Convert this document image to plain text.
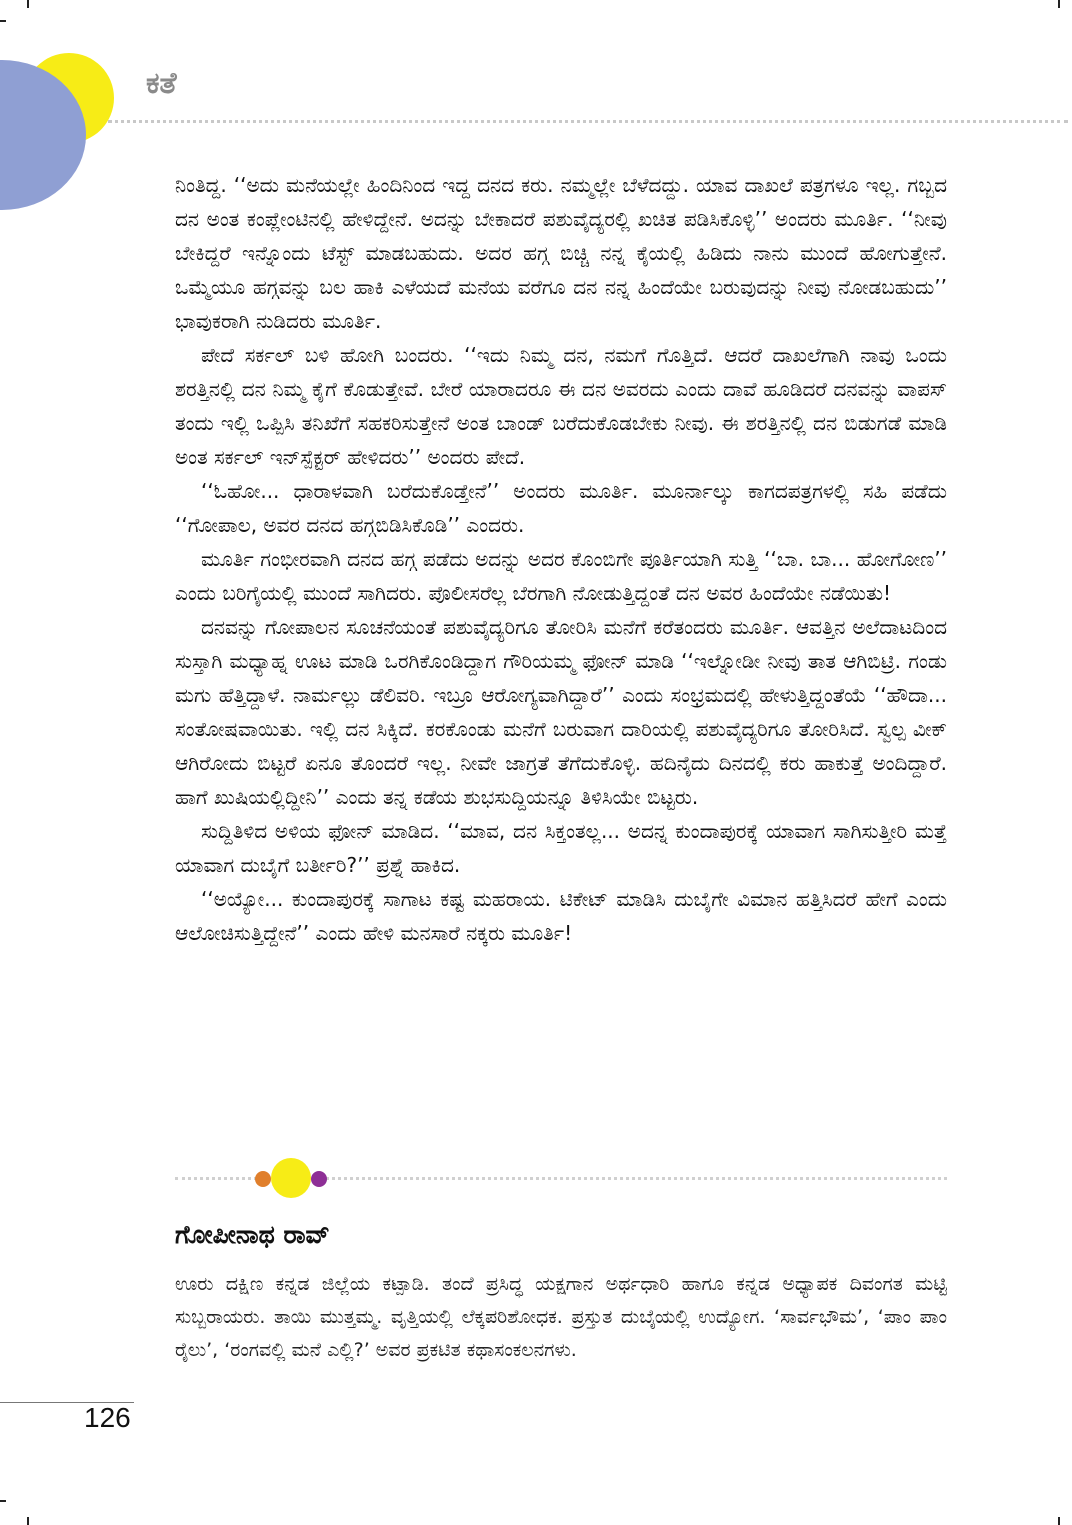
ಕತೆ

ನಿಂತಿದ್ದ. ‘‘ಅದು ಮನೆಯಲ್ಲೇ ಹಿಂದಿನಿಂದ ಇದ್ದ ದನದ ಕರು. ನಮ್ಮಲ್ಲೇ ಬೆಳೆದದ್ದು. ಯಾವ ದಾಖಲೆ ಪತ್ರಗಳೂ ಇಲ್ಲ. ಗಬ್ಬದ ದನ ಅಂತ ಕಂಪ್ಲೇಂಟಿನಲ್ಲಿ ಹೇಳಿದ್ದೇನೆ. ಅದನ್ನು ಬೇಕಾದರೆ ಪಶುವೈದ್ಯರಲ್ಲಿ ಖಚಿತ ಪಡಿಸಿಕೊಳ್ಳಿ’’ ಅಂದರು ಮೂರ್ತಿ. ‘‘ನೀವು ಬೇಕಿದ್ದರೆ ಇನ್ನೊಂದು ಟೆಸ್ಟ್ ಮಾಡಬಹುದು. ಅದರ ಹಗ್ಗ ಬಿಚ್ಚಿ ನನ್ನ ಕೈಯಲ್ಲಿ ಹಿಡಿದು ನಾನು ಮುಂದೆ ಹೋಗುತ್ತೇನೆ. ಒಮ್ಮೆಯೂ ಹಗ್ಗವನ್ನು ಬಲ ಹಾಕಿ ಎಳೆಯದೆ ಮನೆಯ ವರೆಗೂ ದನ ನನ್ನ ಹಿಂದೆಯೇ ಬರುವುದನ್ನು ನೀವು ನೋಡಬಹುದು’’ ಭಾವುಕರಾಗಿ ನುಡಿದರು ಮೂರ್ತಿ.

ಪೇದೆ ಸರ್ಕಲ್ ಬಳಿ ಹೋಗಿ ಬಂದರು. ‘‘ಇದು ನಿಮ್ಮ ದನ, ನಮಗೆ ಗೊತ್ತಿದೆ. ಆದರೆ ದಾಖಲೆಗಾಗಿ ನಾವು ಒಂದು ಶರತ್ತಿನಲ್ಲಿ ದನ ನಿಮ್ಮ ಕೈಗೆ ಕೊಡುತ್ತೇವೆ. ಬೇರೆ ಯಾರಾದರೂ ಈ ದನ ಅವರದು ಎಂದು ದಾವೆ ಹೂಡಿದರೆ ದನವನ್ನು ವಾಪಸ್ ತಂದು ಇಲ್ಲಿ ಒಪ್ಪಿಸಿ ತನಿಖೆಗೆ ಸಹಕರಿಸುತ್ತೇನೆ ಅಂತ ಬಾಂಡ್ ಬರೆದುಕೊಡಬೇಕು ನೀವು. ಈ ಶರತ್ತಿನಲ್ಲಿ ದನ ಬಿಡುಗಡೆ ಮಾಡಿ ಅಂತ ಸರ್ಕಲ್ ಇನ್‌ಸ್ಪೆಕ್ಟರ್ ಹೇಳಿದರು’’ ಅಂದರು ಪೇದೆ.

‘‘ಓಹೋ... ಧಾರಾಳವಾಗಿ ಬರೆದುಕೊಡ್ತೇನೆ’’ ಅಂದರು ಮೂರ್ತಿ. ಮೂರ್ನಾಲ್ಕು ಕಾಗದಪತ್ರಗಳಲ್ಲಿ ಸಹಿ ಪಡೆದು ‘‘ಗೋಪಾಲ, ಅವರ ದನದ ಹಗ್ಗಬಿಡಿಸಿಕೊಡಿ’’ ಎಂದರು.

ಮೂರ್ತಿ ಗಂಭೀರವಾಗಿ ದನದ ಹಗ್ಗ ಪಡೆದು ಅದನ್ನು ಅದರ ಕೊಂಬಿಗೇ ಪೂರ್ತಿಯಾಗಿ ಸುತ್ತಿ ‘‘ಬಾ. ಬಾ... ಹೋಗೋಣ’’ ಎಂದು ಬರಿಗೈಯಲ್ಲಿ ಮುಂದೆ ಸಾಗಿದರು. ಪೊಲೀಸರೆಲ್ಲ ಬೆರಗಾಗಿ ನೋಡುತ್ತಿದ್ದಂತೆ ದನ ಅವರ ಹಿಂದೆಯೇ ನಡೆಯಿತು!

ದನವನ್ನು ಗೋಪಾಲನ ಸೂಚನೆಯಂತೆ ಪಶುವೈದ್ಯರಿಗೂ ತೋರಿಸಿ ಮನೆಗೆ ಕರೆತಂದರು ಮೂರ್ತಿ. ಆವತ್ತಿನ ಅಲೆದಾಟದಿಂದ ಸುಸ್ತಾಗಿ ಮಧ್ಯಾಹ್ನ ಊಟ ಮಾಡಿ ಒರಗಿಕೊಂಡಿದ್ದಾಗ ಗೌರಿಯಮ್ಮ ಫೋನ್ ಮಾಡಿ ‘‘ಇಲ್ನೋಡೀ ನೀವು ತಾತ ಆಗಿಬಿಟ್ರಿ. ಗಂಡು ಮಗು ಹೆತ್ತಿದ್ದಾಳೆ. ನಾರ್ಮಲ್ಲು ಡೆಲಿವರಿ. ಇಬ್ರೂ ಆರೋಗ್ಯವಾಗಿದ್ದಾರೆ’’ ಎಂದು ಸಂಭ್ರಮದಲ್ಲಿ ಹೇಳುತ್ತಿದ್ದಂತೆಯೆ ‘‘ಹೌದಾ... ಸಂತೋಷವಾಯಿತು. ಇಲ್ಲಿ ದನ ಸಿಕ್ಕಿದೆ. ಕರಕೊಂಡು ಮನೆಗೆ ಬರುವಾಗ ದಾರಿಯಲ್ಲಿ ಪಶುವೈದ್ಯರಿಗೂ ತೋರಿಸಿದೆ. ಸ್ವಲ್ಪ ವೀಕ್ ಆಗಿರೋದು ಬಿಟ್ಟರೆ ಏನೂ ತೊಂದರೆ ಇಲ್ಲ. ನೀವೇ ಜಾಗ್ರತೆ ತೆಗೆದುಕೊಳ್ಳಿ. ಹದಿನೈದು ದಿನದಲ್ಲಿ ಕರು ಹಾಕುತ್ತೆ ಅಂದಿದ್ದಾರೆ. ಹಾಗೆ ಖುಷಿಯಲ್ಲಿದ್ದೀನಿ’’ ಎಂದು ತನ್ನ ಕಡೆಯ ಶುಭಸುದ್ದಿಯನ್ನೂ ತಿಳಿಸಿಯೇ ಬಿಟ್ಟರು.

ಸುದ್ದಿತಿಳಿದ ಅಳಿಯ ಫೋನ್ ಮಾಡಿದ. ‘‘ಮಾವ, ದನ ಸಿಕ್ತಂತಲ್ಲ... ಅದನ್ನ ಕುಂದಾಪುರಕ್ಕೆ ಯಾವಾಗ ಸಾಗಿಸುತ್ತೀರಿ ಮತ್ತೆ ಯಾವಾಗ ದುಬೈಗೆ ಬರ್ತೀರಿ?’’ ಪ್ರಶ್ನೆ ಹಾಕಿದ.

‘‘ಅಯ್ಯೋ... ಕುಂದಾಪುರಕ್ಕೆ ಸಾಗಾಟ ಕಷ್ಟ ಮಹರಾಯ. ಟಿಕೇಟ್ ಮಾಡಿಸಿ ದುಬೈಗೇ ವಿಮಾನ ಹತ್ತಿಸಿದರೆ ಹೇಗೆ ಎಂದು ಆಲೋಚಿಸುತ್ತಿದ್ದೇನೆ’’ ಎಂದು ಹೇಳಿ ಮನಸಾರೆ ನಕ್ಕರು ಮೂರ್ತಿ!

ಗೋಪೀನಾಥ ರಾವ್

ಊರು ದಕ್ಷಿಣ ಕನ್ನಡ ಜಿಲ್ಲೆಯ ಕಟ್ಪಾಡಿ. ತಂದೆ ಪ್ರಸಿದ್ಧ ಯಕ್ಷಗಾನ ಅರ್ಥಧಾರಿ ಹಾಗೂ ಕನ್ನಡ ಅಧ್ಯಾಪಕ ದಿವಂಗತ ಮಟ್ಟಿ ಸುಬ್ಬರಾಯರು. ತಾಯಿ ಮುತ್ತಮ್ಮ. ವೃತ್ತಿಯಲ್ಲಿ ಲೆಕ್ಕಪರಿಶೋಧಕ. ಪ್ರಸ್ತುತ ದುಬೈಯಲ್ಲಿ ಉದ್ಯೋಗ. ‘ಸಾರ್ವಭೌಮ’, ‘ಪಾಂ ಪಾಂ ರೈಲು’, ‘ರಂಗವಲ್ಲಿ ಮನೆ ಎಲ್ಲಿ?’ ಅವರ ಪ್ರಕಟಿತ ಕಥಾಸಂಕಲನಗಳು.

126
